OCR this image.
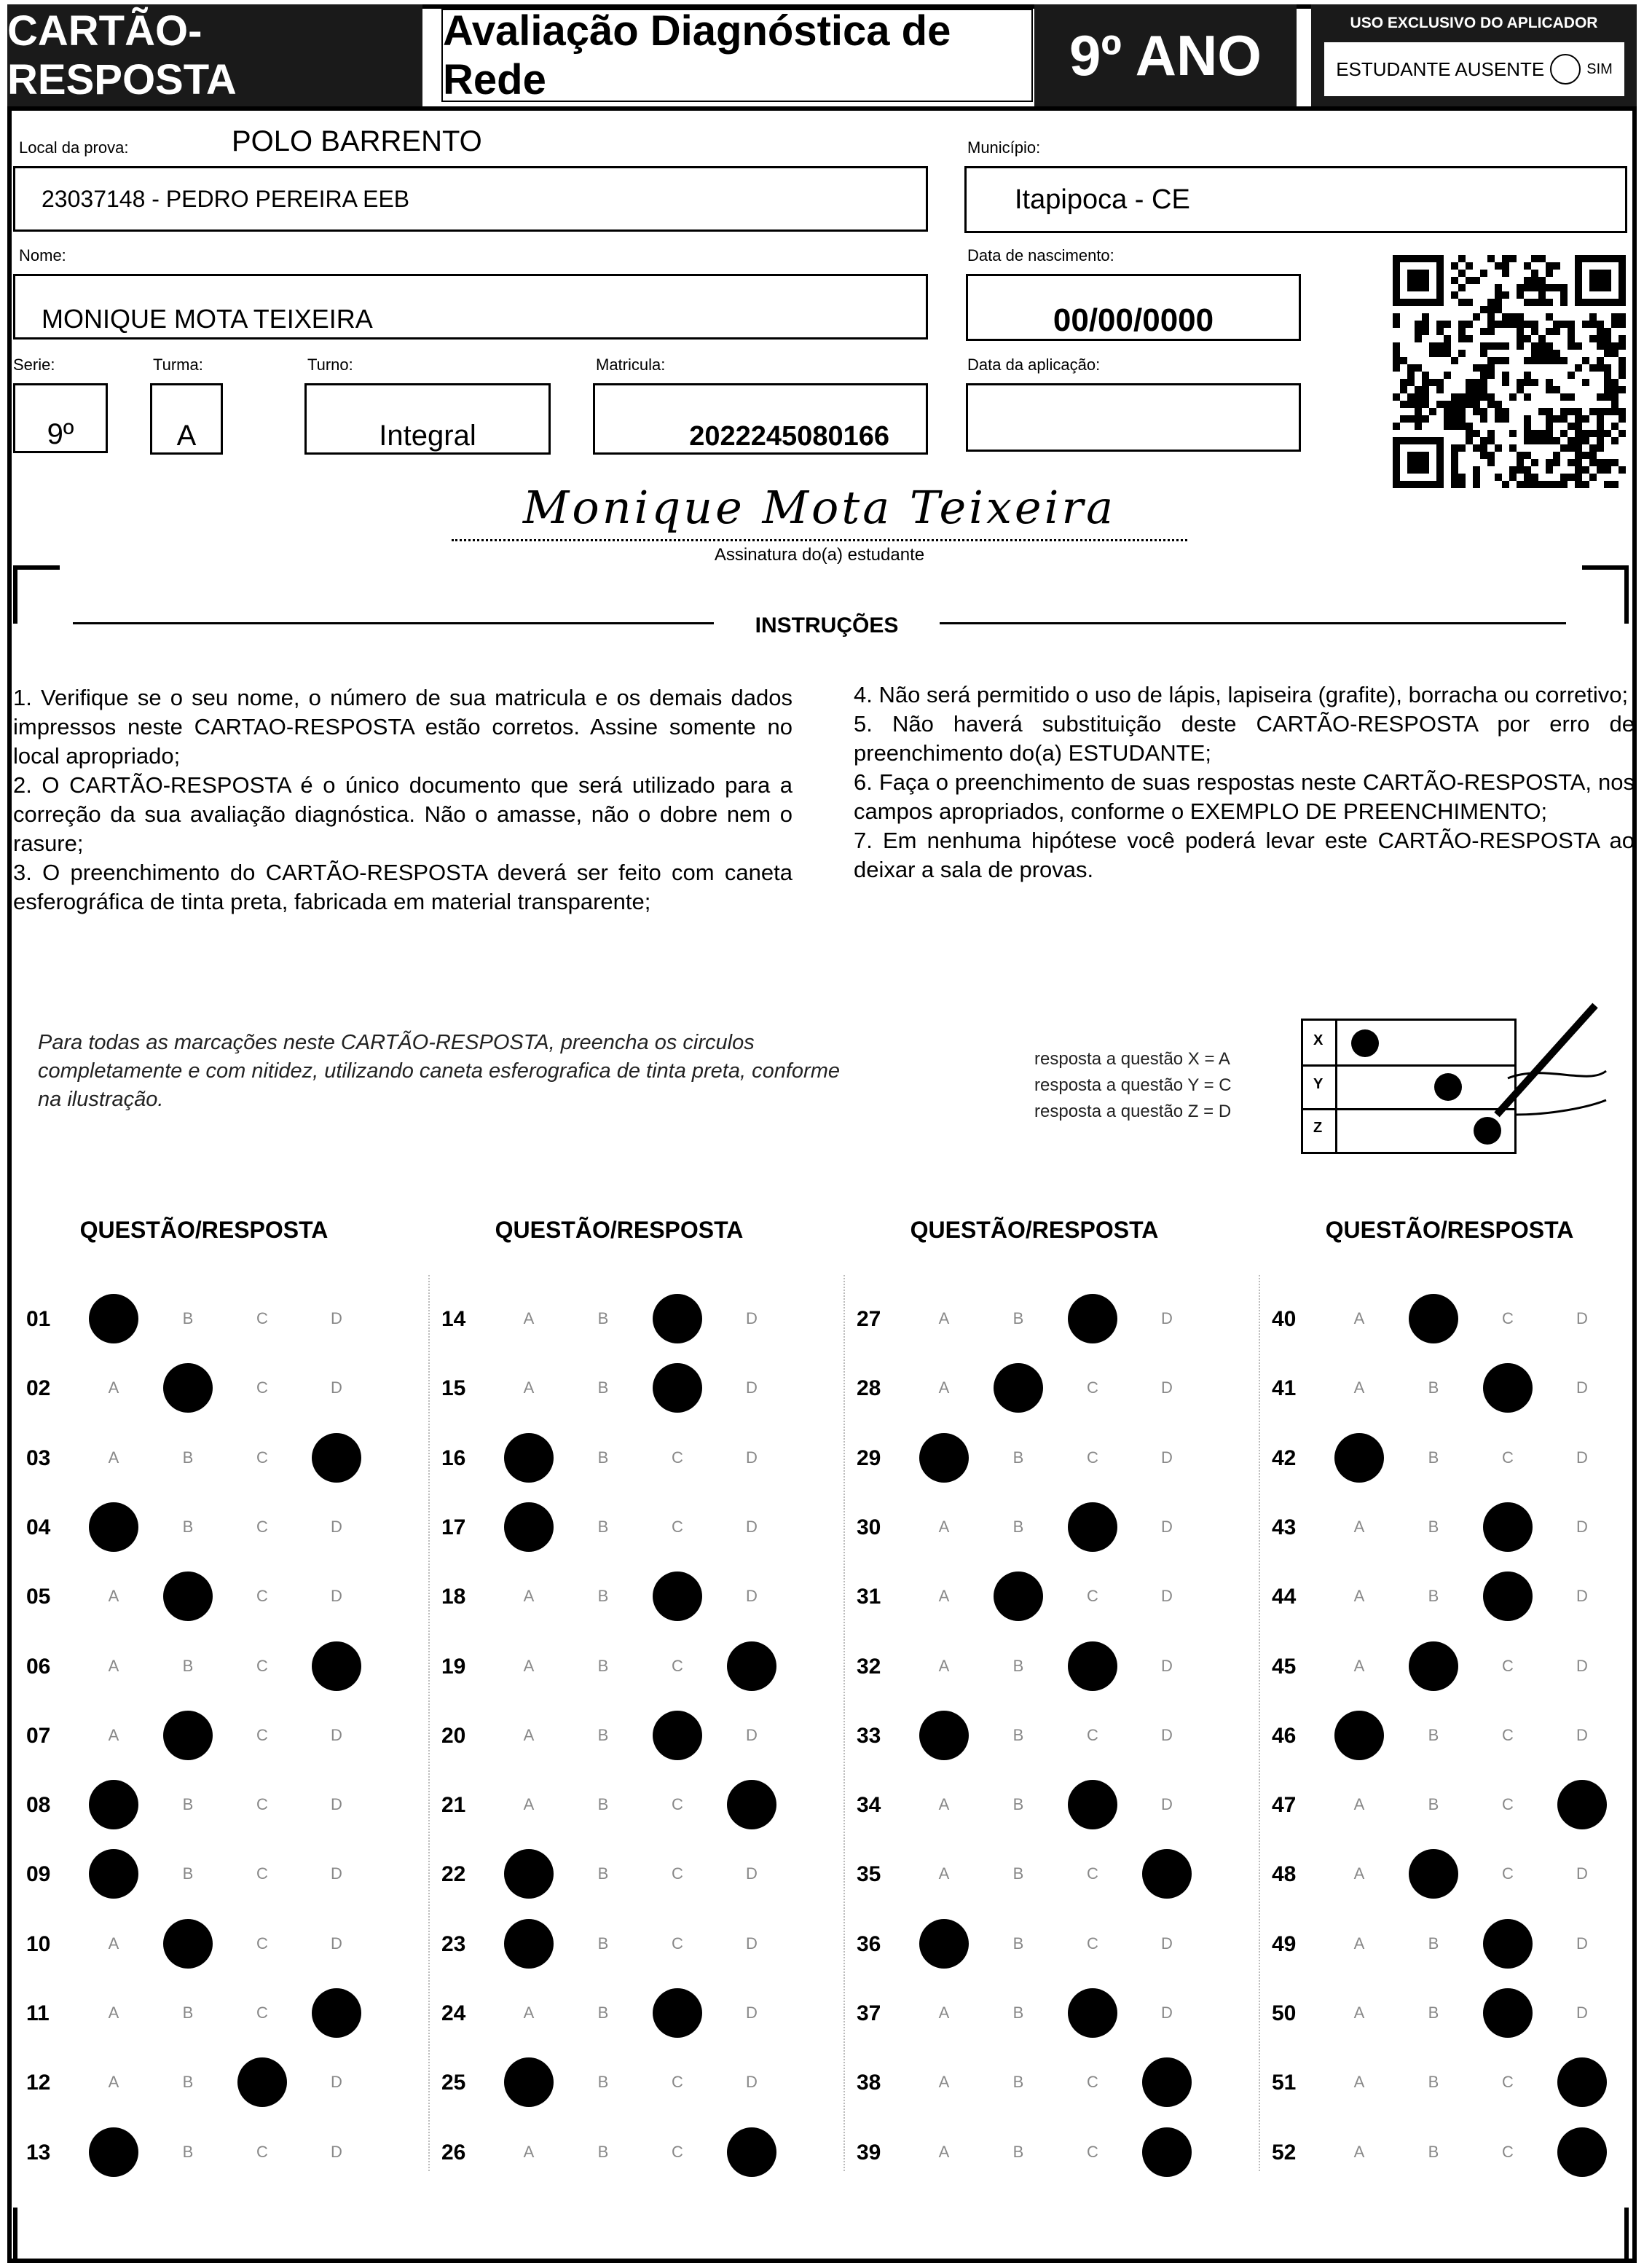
CARTÃO-RESPOSTA
Avaliação Diagnóstica de Rede	9º ANO	USO EXCLUSIVO DO APLICADOR
ESTUDANTE AUSENTE	SIM
Local da prova:	POLO BARRENTO
23037148 - PEDRO PEREIRA EEB
Município:
Itapipoca - CE
Nome:
MONIQUE MOTA TEIXEIRA
Data de nascimento:
00/00/0000
Serie:
9º
Turma:
A
Turno:
Integral
Matricula:
2022245080166
Data da aplicação:
Monique Mota Teixeira
Assinatura do(a) estudante
INSTRUÇÕES

1. Verifique se o seu nome, o número de sua matricula e os demais dados impressos neste CARTAO-RESPOSTA estão corretos. Assine somente no local apropriado;

2. O CARTÃO-RESPOSTA é o único documento que será utilizado para a correção da sua avaliação diagnóstica. Não o amasse, não o dobre nem o rasure;

3. O preenchimento do CARTÃO-RESPOSTA deverá ser feito com caneta esferográfica de tinta preta, fabricada em material transparente;

4. Não será permitido o uso de lápis, lapiseira (grafite), borracha ou corretivo;

5. Não haverá substituição deste CARTÃO-RESPOSTA por erro de preenchimento do(a) ESTUDANTE;

6. Faça o preenchimento de suas respostas neste CARTÃO-RESPOSTA, nos campos apropriados, conforme o EXEMPLO DE PREENCHIMENTO;

7. Em nenhuma hipótese você poderá levar este CARTÃO-RESPOSTA ao deixar a sala de provas.

Para todas as marcações neste CARTÃO-RESPOSTA, preencha os circulos completamente e com nitidez, utilizando caneta esferografica de tinta preta, conforme na ilustração.
resposta a questão X = A
resposta a questão Y = C
resposta a questão Z = D
X
Y
Z
QUESTÃO/RESPOSTA	QUESTÃO/RESPOSTA	QUESTÃO/RESPOSTA	QUESTÃO/RESPOSTA
01	A	B	C	D
02	A	B	C	D
03	A	B	C	D
04	A	B	C	D
05	A	B	C	D
06	A	B	C	D
07	A	B	C	D
08	A	B	C	D
09	A	B	C	D
10	A	B	C	D
11	A	B	C	D
12	A	B	C	D
13	A	B	C	D
14	A	B	C	D
15	A	B	C	D
16	A	B	C	D
17	A	B	C	D
18	A	B	C	D
19	A	B	C	D
20	A	B	C	D
21	A	B	C	D
22	A	B	C	D
23	A	B	C	D
24	A	B	C	D
25	A	B	C	D
26	A	B	C	D
27	A	B	C	D
28	A	B	C	D
29	A	B	C	D
30	A	B	C	D
31	A	B	C	D
32	A	B	C	D
33	A	B	C	D
34	A	B	C	D
35	A	B	C	D
36	A	B	C	D
37	A	B	C	D
38	A	B	C	D
39	A	B	C	D
40	A	B	C	D
41	A	B	C	D
42	A	B	C	D
43	A	B	C	D
44	A	B	C	D
45	A	B	C	D
46	A	B	C	D
47	A	B	C	D
48	A	B	C	D
49	A	B	C	D
50	A	B	C	D
51	A	B	C	D
52	A	B	C	D
